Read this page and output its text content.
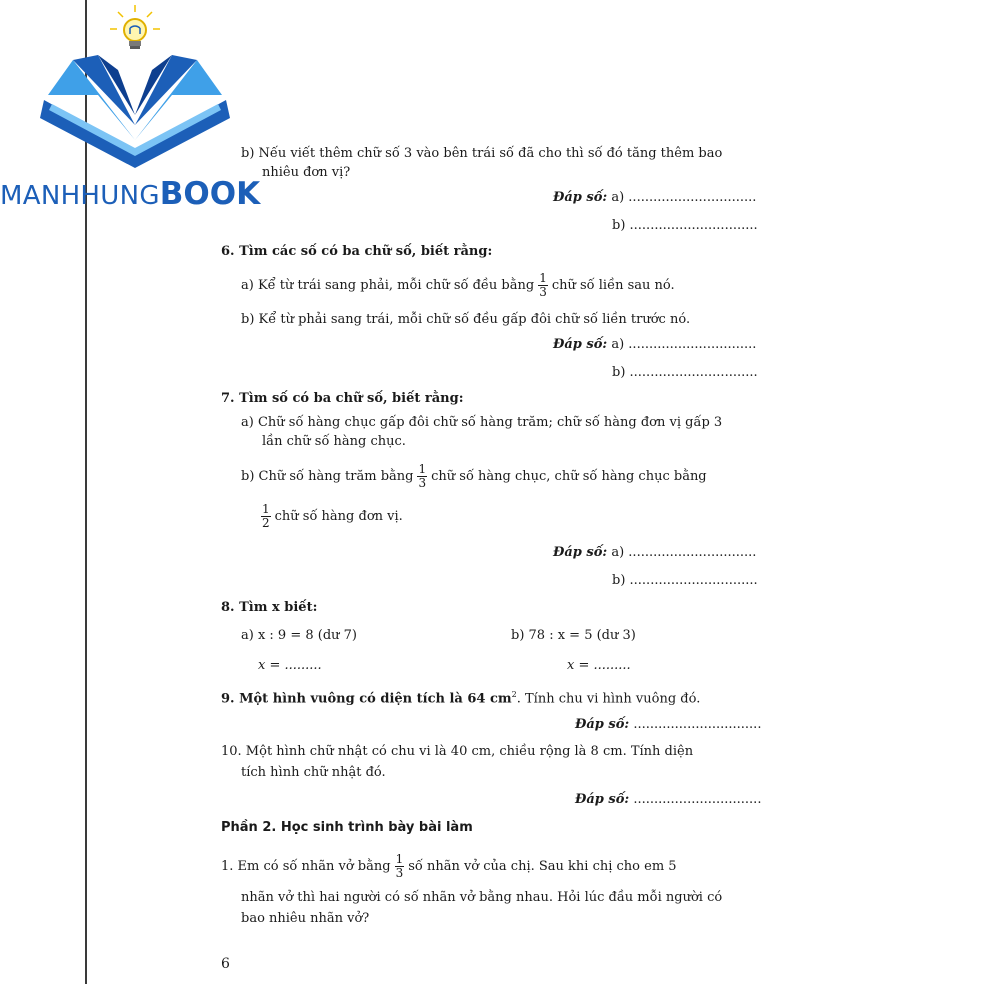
MANHHUNGBOOK
b) Nếu viết thêm chữ số 3 vào bên trái số đã cho thì số đó tăng thêm bao
nhiêu đơn vị?
Đáp số: a) ...............................
b) ...............................
6. Tìm các số có ba chữ số, biết rằng:
a) Kể từ trái sang phải, mỗi chữ số đều bằng $\frac{1}{3}$ chữ số liền sau nó.
b) Kể từ phải sang trái, mỗi chữ số đều gấp đôi chữ số liền trước nó.
Đáp số: a) ...............................
b) ...............................
7. Tìm số có ba chữ số, biết rằng:
a) Chữ số hàng chục gấp đôi chữ số hàng trăm; chữ số hàng đơn vị gấp 3
lần chữ số hàng chục.
b) Chữ số hàng trăm bằng $\frac{1}{3}$ chữ số hàng chục, chữ số hàng chục bằng
$\frac{1}{2}$ chữ số hàng đơn vị.
Đáp số: a) ...............................
b) ...............................
8. Tìm x biết:
a) x : 9 = 8 (dư 7)	b) 78 : x = 5 (dư 3)
x = .........	x = .........
9. Một hình vuông có diện tích là 64 $cm^2$. Tính chu vi hình vuông đó.
Đáp số: ...............................
10. Một hình chữ nhật có chu vi là 40 cm, chiều rộng là 8 cm. Tính diện
tích hình chữ nhật đó.
Đáp số: ...............................
Phần 2. Học sinh trình bày bài làm
1. Em có số nhãn vở bằng $\frac{1}{3}$ số nhãn vở của chị. Sau khi chị cho em 5
nhãn vở thì hai người có số nhãn vở bằng nhau. Hỏi lúc đầu mỗi người có
bao nhiêu nhãn vở?
6
